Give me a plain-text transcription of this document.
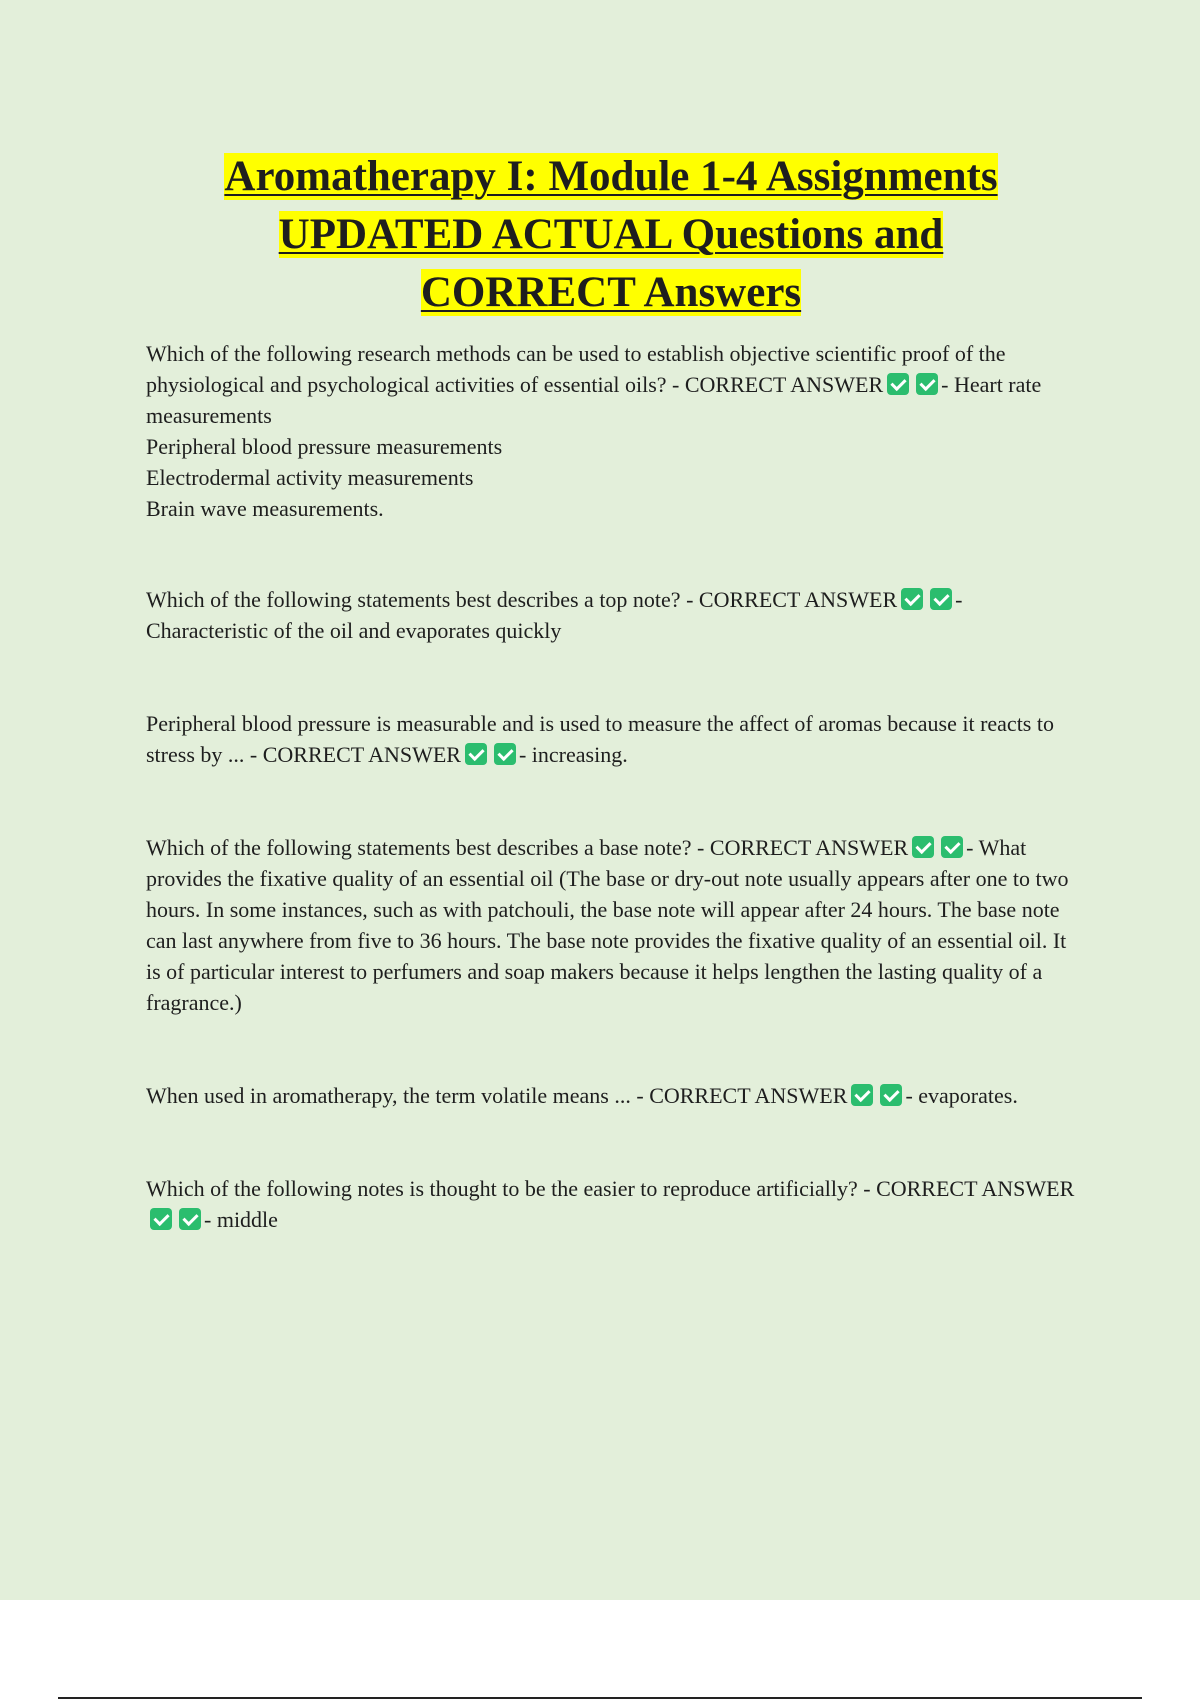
Aromatherapy I: Module 1-4 Assignments
UPDATED ACTUAL Questions and
CORRECT Answers

Which of the following research methods can be used to establish objective scientific proof of the physiological and psychological activities of essential oils? - CORRECT ANSWER	- Heart rate measurements

Peripheral blood pressure measurements

Electrodermal activity measurements

Brain wave measurements.

Which of the following statements best describes a top note? - CORRECT ANSWER	- Characteristic of the oil and evaporates quickly

Peripheral blood pressure is measurable and is used to measure the affect of aromas because it reacts to stress by ... - CORRECT ANSWER	- increasing.

Which of the following statements best describes a base note? - CORRECT ANSWER	- What provides the fixative quality of an essential oil (The base or dry-out note usually appears after one to two hours. In some instances, such as with patchouli, the base note will appear after 24 hours. The base note can last anywhere from five to 36 hours. The base note provides the fixative quality of an essential oil. It is of particular interest to perfumers and soap makers because it helps lengthen the lasting quality of a fragrance.)

When used in aromatherapy, the term volatile means ... - CORRECT ANSWER	- evaporates.

Which of the following notes is thought to be the easier to reproduce artificially? - CORRECT ANSWER- middle
